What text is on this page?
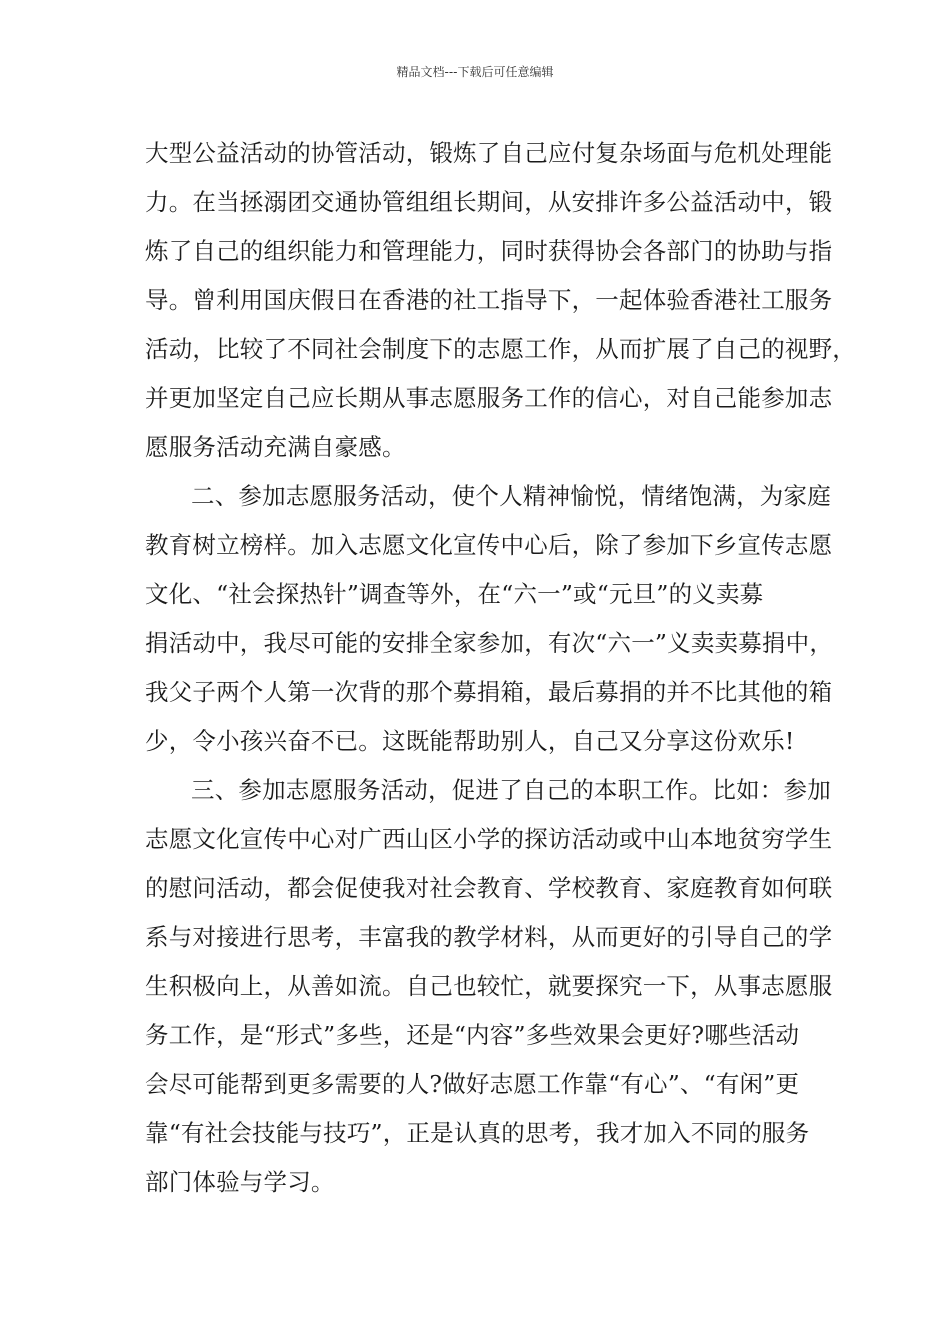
精品文档---下载后可任意编辑
大型公益活动的协管活动，锻炼了自己应付复杂场面与危机处理能
力。在当拯溺团交通协管组组长期间，从安排许多公益活动中，锻
炼了自己的组织能力和管理能力，同时获得协会各部门的协助与指
导。曾利用国庆假日在香港的社工指导下，一起体验香港社工服务
活动，比较了不同社会制度下的志愿工作，从而扩展了自己的视野，
并更加坚定自己应长期从事志愿服务工作的信心，对自己能参加志
愿服务活动充满自豪感。
二、参加志愿服务活动，使个人精神愉悦，情绪饱满，为家庭
教育树立榜样。加入志愿文化宣传中心后，除了参加下乡宣传志愿
文化、“社会探热针”调查等外，在“六一”或“元旦”的义卖募
捐活动中，我尽可能的安排全家参加，有次“六一”义卖卖募捐中，
我父子两个人第一次背的那个募捐箱，最后募捐的并不比其他的箱
少，令小孩兴奋不已。这既能帮助别人，自己又分享这份欢乐!
三、参加志愿服务活动，促进了自己的本职工作。比如：参加
志愿文化宣传中心对广西山区小学的探访活动或中山本地贫穷学生
的慰问活动，都会促使我对社会教育、学校教育、家庭教育如何联
系与对接进行思考，丰富我的教学材料，从而更好的引导自己的学
生积极向上，从善如流。自己也较忙，就要探究一下，从事志愿服
务工作，是“形式”多些，还是“内容”多些效果会更好?哪些活动
会尽可能帮到更多需要的人?做好志愿工作靠“有心”、“有闲”更
靠“有社会技能与技巧”，正是认真的思考，我才加入不同的服务
部门体验与学习。
